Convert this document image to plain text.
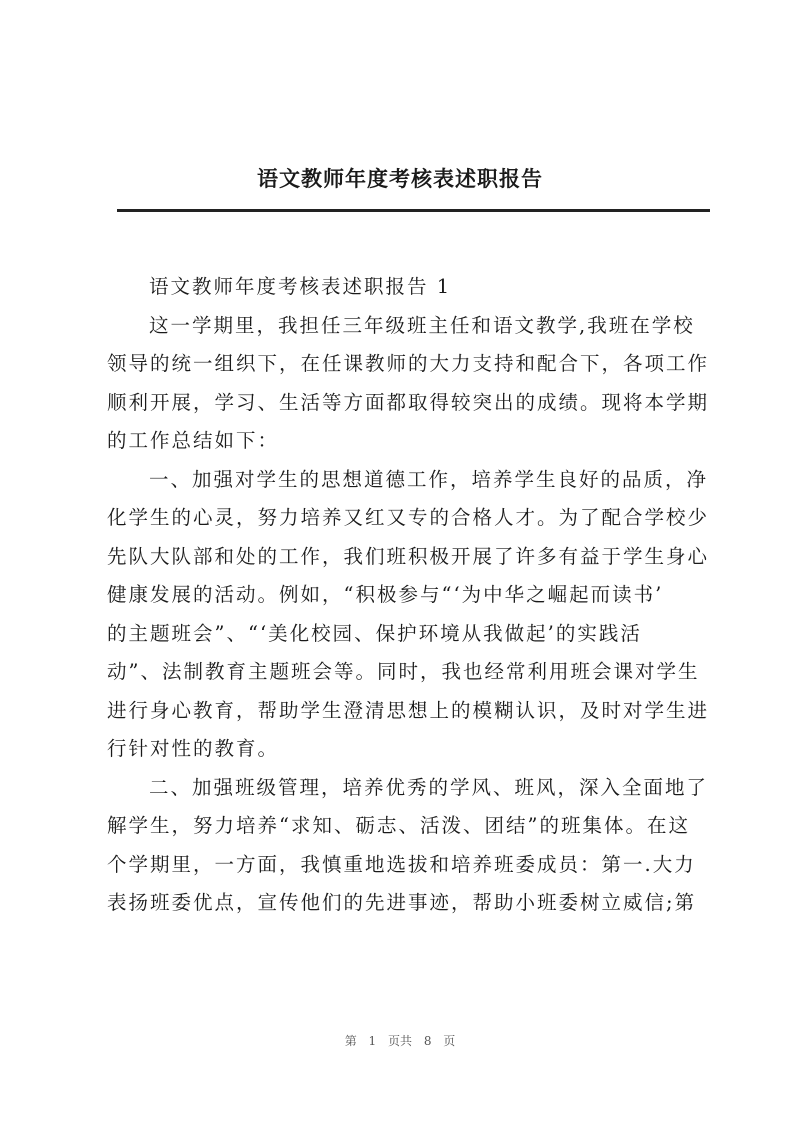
语文教师年度考核表述职报告
语文教师年度考核表述职报告 1
这一学期里，我担任三年级班主任和语文教学,我班在学校
领导的统一组织下，在任课教师的大力支持和配合下，各项工作
顺利开展，学习、生活等方面都取得较突出的成绩。现将本学期
的工作总结如下：
一、加强对学生的思想道德工作，培养学生良好的品质，净
化学生的心灵，努力培养又红又专的合格人才。为了配合学校少
先队大队部和处的工作，我们班积极开展了许多有益于学生身心
健康发展的活动。例如，“积极参与“‘为中华之崛起而读书’
的主题班会”、“‘美化校园、保护环境从我做起’的实践活
动”、法制教育主题班会等。同时，我也经常利用班会课对学生
进行身心教育，帮助学生澄清思想上的模糊认识，及时对学生进
行针对性的教育。
二、加强班级管理，培养优秀的学风、班风，深入全面地了
解学生，努力培养“求知、砺志、活泼、团结”的班集体。在这
个学期里，一方面，我慎重地选拔和培养班委成员：第一.大力
表扬班委优点，宣传他们的先进事迹，帮助小班委树立威信;第
第 1 页共 8 页
